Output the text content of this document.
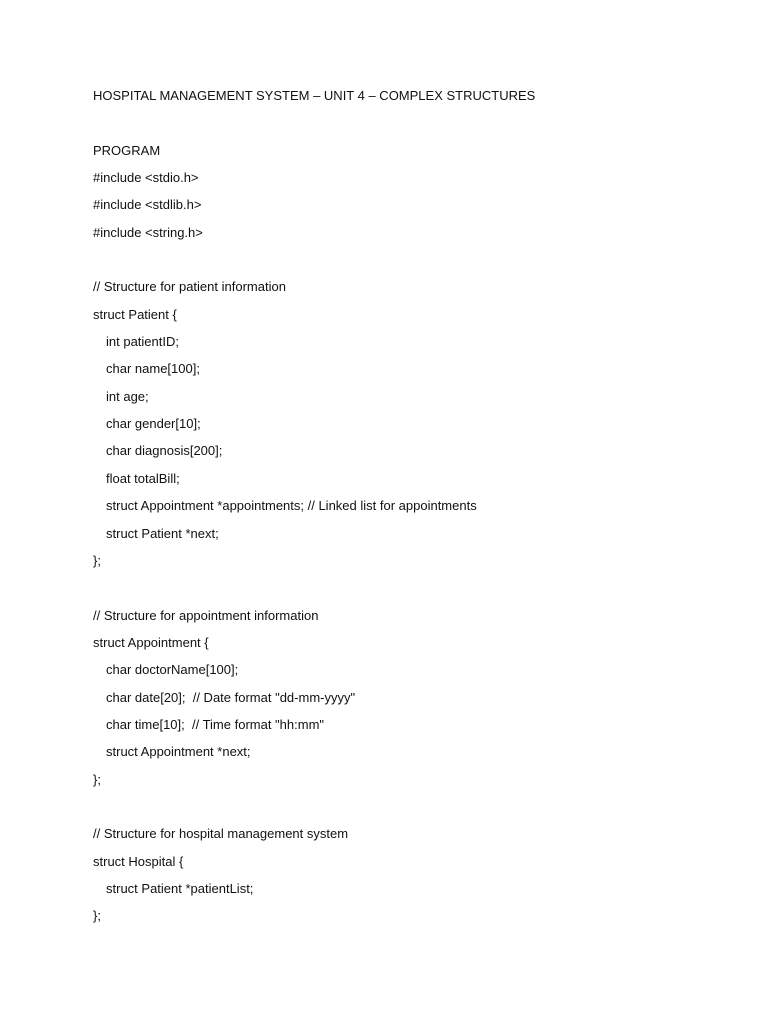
HOSPITAL MANAGEMENT SYSTEM – UNIT 4 – COMPLEX STRUCTURES
PROGRAM
#include <stdio.h>
#include <stdlib.h>
#include <string.h>
// Structure for patient information
struct Patient {
int patientID;
char name[100];
int age;
char gender[10];
char diagnosis[200];
float totalBill;
struct Appointment *appointments; // Linked list for appointments
struct Patient *next;
};
// Structure for appointment information
struct Appointment {
char doctorName[100];
char date[20];  // Date format "dd-mm-yyyy"
char time[10];  // Time format "hh:mm"
struct Appointment *next;
};
// Structure for hospital management system
struct Hospital {
struct Patient *patientList;
};
